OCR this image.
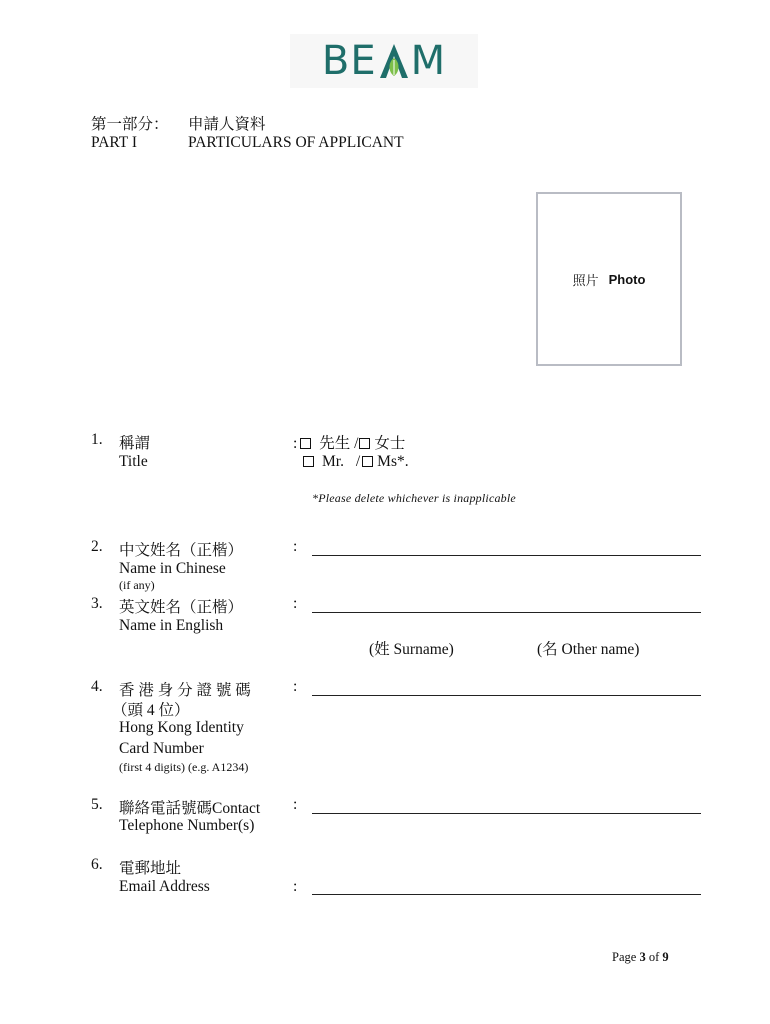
BE M
第一部分： 申請人資料
PART I	PARTICULARS OF APPLICANT
照片 Photo
1. 稱謂
Title
: 先生 / 女士
Mr. / Ms*.
*Please delete whichever is inapplicable
2. 中文姓名（正楷）
Name in Chinese
(if any)
:
3. 英文姓名（正楷）
Name in English
:
(姓 Surname)	(名 Other name)
4. 香 港 身 分 證 號 碼
（頭 4 位）
Hong Kong Identity
Card Number
(first 4 digits) (e.g. A1234)
:
5. 聯絡電話號碼Contact
Telephone Number(s)
:
6. 電郵地址
Email Address	:
Page 3 of 9
